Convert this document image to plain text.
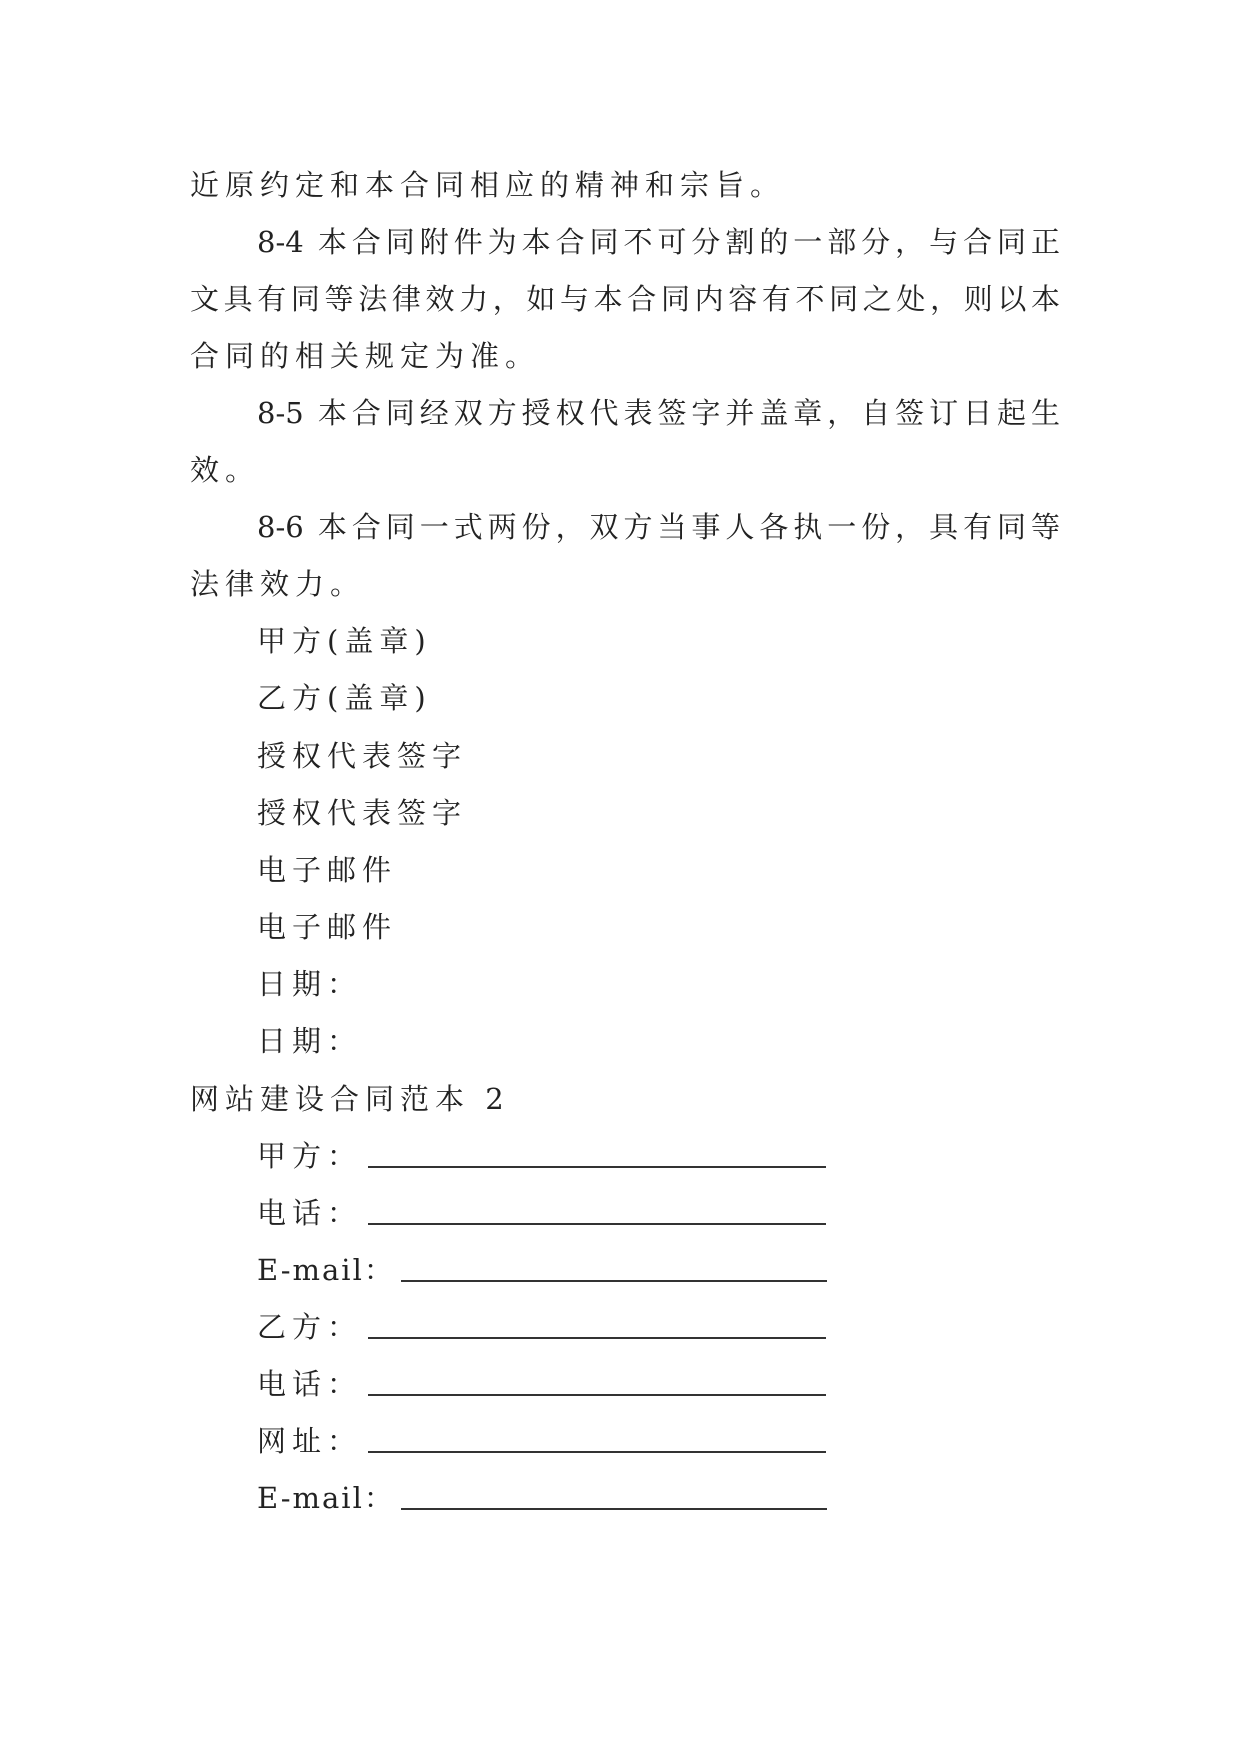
近原约定和本合同相应的精神和宗旨。
8-4 本合同附件为本合同不可分割的一部分，与合同正
文具有同等法律效力，如与本合同内容有不同之处，则以本
合同的相关规定为准。
8-5 本合同经双方授权代表签字并盖章，自签订日起生
效。
8-6 本合同一式两份，双方当事人各执一份，具有同等
法律效力。
甲方(盖章)
乙方(盖章)
授权代表签字
授权代表签字
电子邮件
电子邮件
日期：
日期：
网站建设合同范本 2
甲方：
电话：
E-mail：
乙方：
电话：
网址：
E-mail：
